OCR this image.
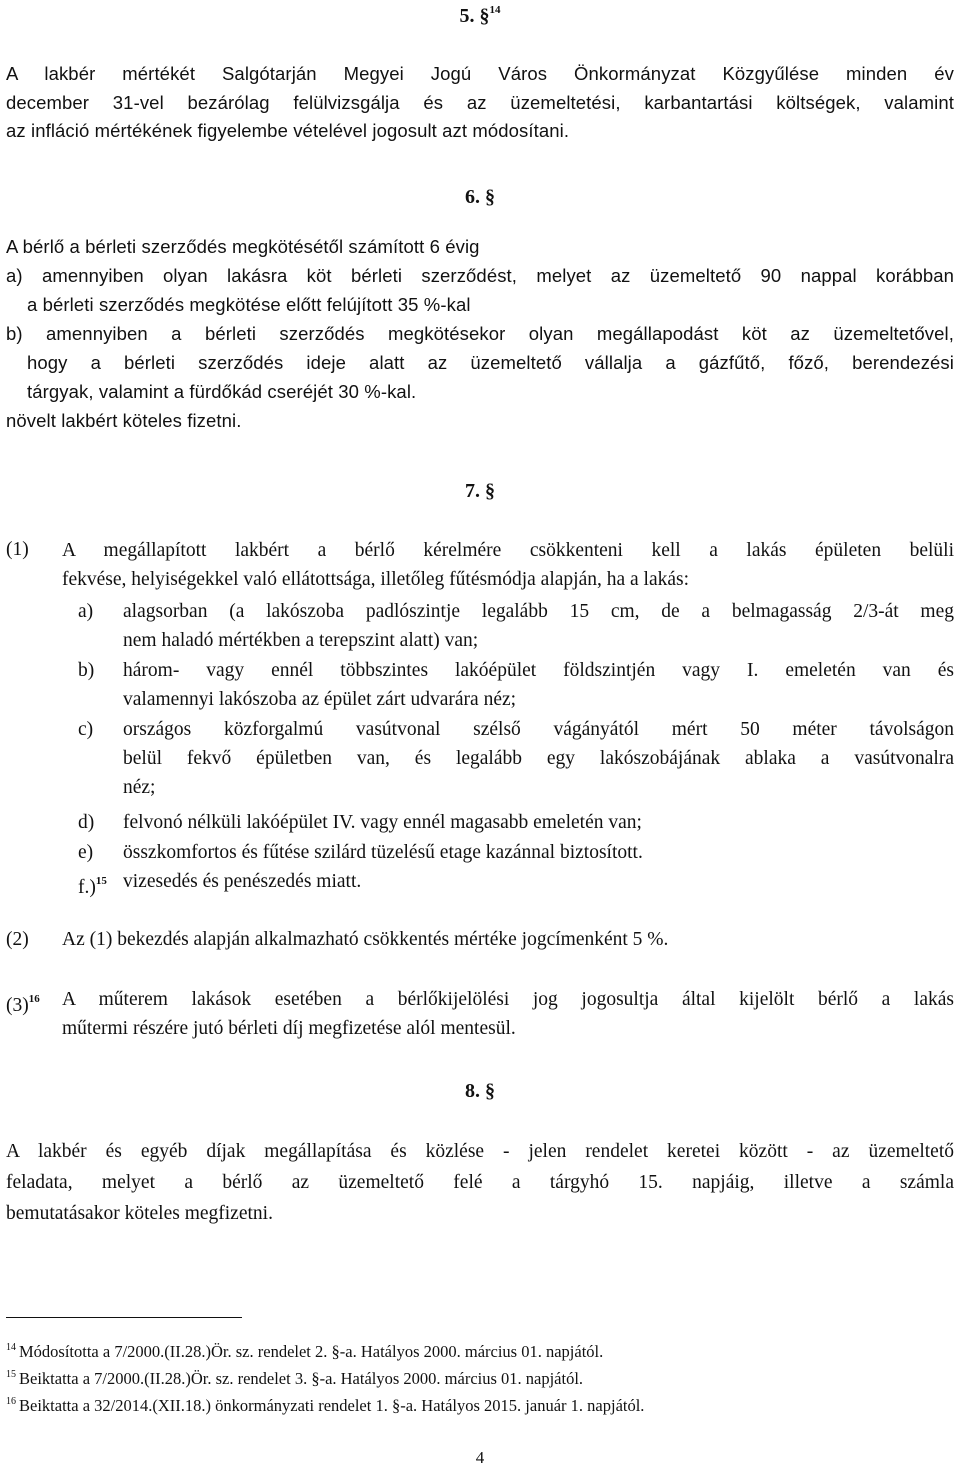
5. §$^{14}$
A lakbér mértékét Salgótarján Megyei Jogú Város Önkormányzat Közgyűlése minden év
december 31-vel bezárólag felülvizsgálja és az üzemeltetési, karbantartási költségek, valamint
az infláció mértékének figyelembe vételével jogosult azt módosítani.
6. §
A bérlő a bérleti szerződés megkötésétől számított 6 évig
a) amennyiben olyan lakásra köt bérleti szerződést, melyet az üzemeltető 90 nappal korábban
a bérleti szerződés megkötése előtt felújított 35 %-kal
b) amennyiben a bérleti szerződés megkötésekor olyan megállapodást köt az üzemeltetővel,
hogy a bérleti szerződés ideje alatt az üzemeltető vállalja a gázfűtő, főző, berendezési
tárgyak, valamint a fürdőkád cseréjét 30 %-kal.
növelt lakbért köteles fizetni.
7. §
(1) A megállapított lakbért a bérlő kérelmére csökkenteni kell a lakás épületen belüli
fekvése, helyiségekkel való ellátottsága, illetőleg fűtésmódja alapján, ha a lakás:
a) alagsorban (a lakószoba padlószintje legalább 15 cm, de a belmagasság 2/3-át meg
nem haladó mértékben a terepszint alatt) van;
b) három- vagy ennél többszintes lakóépület földszintjén vagy I. emeletén van és
valamennyi lakószoba az épület zárt udvarára néz;
c) országos közforgalmú vasútvonal szélső vágányától mért 50 méter távolságon
belül fekvő épületben van, és legalább egy lakószobájának ablaka a vasútvonalra
néz;
d) felvonó nélküli lakóépület IV. vagy ennél magasabb emeletén van;
e) összkomfortos és fűtése szilárd tüzelésű etage kazánnal biztosított.
f.)$^{15}$ vizesedés és penészedés miatt.
(2) Az (1) bekezdés alapján alkalmazható csökkentés mértéke jogcímenként 5 %.
(3)$^{16}$ A műterem lakások esetében a bérlőkijelölési jog jogosultja által kijelölt bérlő a lakás
műtermi részére jutó bérleti díj megfizetése alól mentesül.
8. §
A lakbér és egyéb díjak megállapítása és közlése - jelen rendelet keretei között - az üzemeltető
feladata, melyet a bérlő az üzemeltető felé a tárgyhó 15. napjáig, illetve a számla
bemutatásakor köteles megfizetni.
$^{14}$ Módosította a 7/2000.(II.28.)Ör. sz. rendelet 2. §-a. Hatályos 2000. március 01. napjától.
$^{15}$ Beiktatta a 7/2000.(II.28.)Ör. sz. rendelet 3. §-a. Hatályos 2000. március 01. napjától.
$^{16}$ Beiktatta a 32/2014.(XII.18.) önkormányzati rendelet 1. §-a. Hatályos 2015. január 1. napjától.
4
